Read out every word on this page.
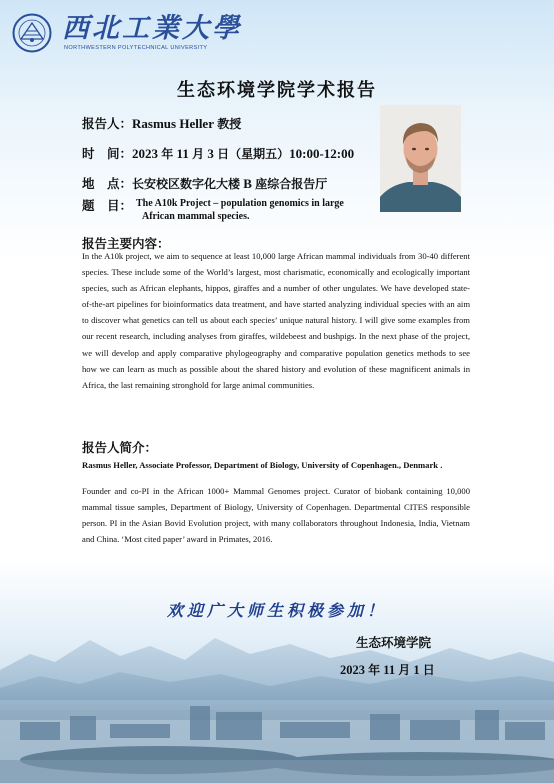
西北工業大學
NORTHWESTERN POLYTECHNICAL UNIVERSITY
生态环境学院学术报告
报告人：Rasmus Heller 教授
时　间：2023 年 11 月 3 日（星期五）10:00-12:00
地　点：长安校区数字化大楼 B 座综合报告厅
题　目： The A10k Project – population genomics in large
African mammal species.
报告主要内容：
In the A10k project, we aim to sequence at least 10,000 large African mammal individuals from 30-40 different species. These include some of the World’s largest, most charismatic, economically and ecologically important species, such as African elephants, hippos, giraffes and a number of other ungulates. We have developed state-of-the-art pipelines for bioinformatics data treatment, and have started analyzing individual species with an aim to discover what genetics can tell us about each species’ unique natural history. I will give some examples from our recent research, including analyses from giraffes, wildebeest and bushpigs. In the next phase of the project, we will develop and apply comparative phylogeography and comparative population genetics methods to see how we can learn as much as possible about the shared history and evolution of these magnificent animals in Africa, the last remaining stronghold for large animal communities.
报告人简介：
Rasmus Heller, Associate Professor, Department of Biology, University of Copenhagen., Denmark .
Founder and co-PI in the African 1000+ Mammal Genomes project. Curator of biobank containing 10,000 mammal tissue samples, Department of Biology, University of Copenhagen. Departmental CITES responsible person. PI in the Asian Bovid Evolution project, with many collaborators throughout Indonesia, India, Vietnam and China. ‘Most cited paper’ award in Primates, 2016.
欢迎广大师生积极参加！
生态环境学院
2023 年 11 月 1 日
